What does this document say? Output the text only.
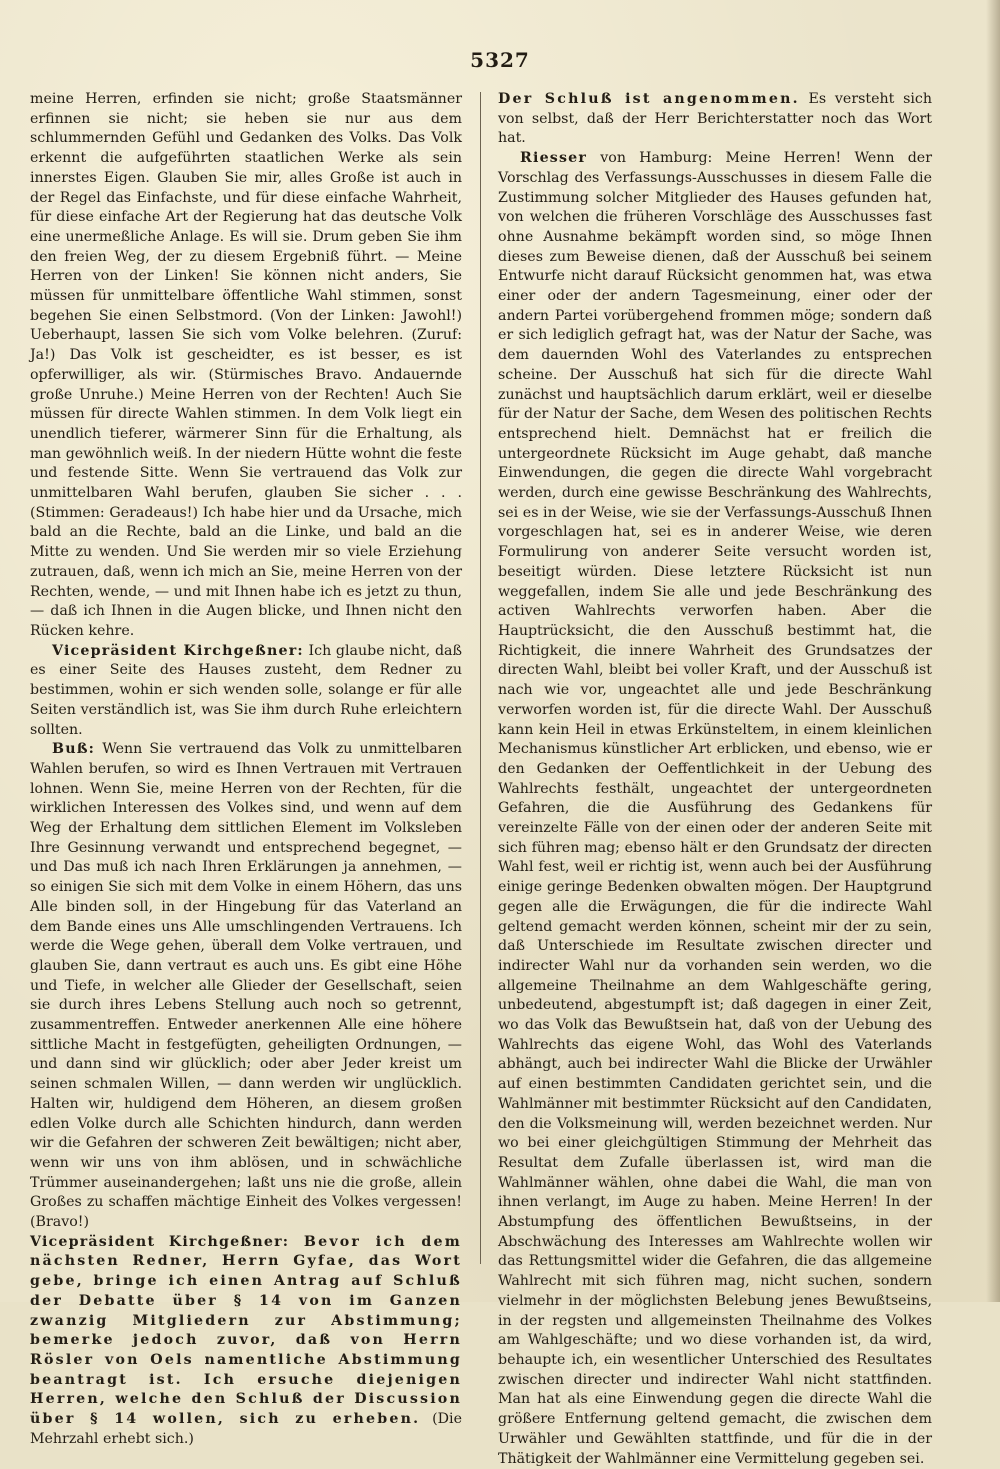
5327

meine Herren, erfinden sie nicht; große Staatsmänner erfinnen sie nicht; sie heben sie nur aus dem schlummernden Gefühl und Gedanken des Volks. Das Volk erkennt die aufgeführten staatlichen Werke als sein innerstes Eigen. Glauben Sie mir, alles Große ist auch in der Regel das Einfachste, und für diese einfache Wahrheit, für diese einfache Art der Regierung hat das deutsche Volk eine unermeßliche Anlage. Es will sie. Drum geben Sie ihm den freien Weg, der zu diesem Ergebniß führt. — Meine Herren von der Linken! Sie können nicht anders, Sie müssen für unmittelbare öffentliche Wahl stimmen, sonst begehen Sie einen Selbstmord. (Von der Linken: Jawohl!) Ueberhaupt, lassen Sie sich vom Volke belehren. (Zuruf: Ja!) Das Volk ist gescheidter, es ist besser, es ist opferwilliger, als wir. (Stürmisches Bravo. Andauernde große Unruhe.) Meine Herren von der Rechten! Auch Sie müssen für directe Wahlen stimmen. In dem Volk liegt ein unendlich tieferer, wärmerer Sinn für die Erhaltung, als man gewöhnlich weiß. In der niedern Hütte wohnt die feste und festende Sitte. Wenn Sie vertrauend das Volk zur unmittelbaren Wahl berufen, glauben Sie sicher . . . (Stimmen: Geradeaus!) Ich habe hier und da Ursache, mich bald an die Rechte, bald an die Linke, und bald an die Mitte zu wenden. Und Sie werden mir so viele Erziehung zutrauen, daß, wenn ich mich an Sie, meine Herren von der Rechten, wende, — und mit Ihnen habe ich es jetzt zu thun, — daß ich Ihnen in die Augen blicke, und Ihnen nicht den Rücken kehre.

Vicepräsident Kirchgeßner: Ich glaube nicht, daß es einer Seite des Hauses zusteht, dem Redner zu bestimmen, wohin er sich wenden solle, solange er für alle Seiten verständlich ist, was Sie ihm durch Ruhe erleichtern sollten.

Buß: Wenn Sie vertrauend das Volk zu unmittelbaren Wahlen berufen, so wird es Ihnen Vertrauen mit Vertrauen lohnen. Wenn Sie, meine Herren von der Rechten, für die wirklichen Interessen des Volkes sind, und wenn auf dem Weg der Erhaltung dem sittlichen Element im Volksleben Ihre Gesinnung verwandt und entsprechend begegnet, — und Das muß ich nach Ihren Erklärungen ja annehmen, — so einigen Sie sich mit dem Volke in einem Höhern, das uns Alle binden soll, in der Hingebung für das Vaterland an dem Bande eines uns Alle umschlingenden Vertrauens. Ich werde die Wege gehen, überall dem Volke vertrauen, und glauben Sie, dann vertraut es auch uns. Es gibt eine Höhe und Tiefe, in welcher alle Glieder der Gesellschaft, seien sie durch ihres Lebens Stellung auch noch so getrennt, zusammentreffen. Entweder anerkennen Alle eine höhere sittliche Macht in festgefügten, geheiligten Ordnungen, — und dann sind wir glücklich; oder aber Jeder kreist um seinen schmalen Willen, — dann werden wir unglücklich. Halten wir, huldigend dem Höheren, an diesem großen edlen Volke durch alle Schichten hindurch, dann werden wir die Gefahren der schweren Zeit bewältigen; nicht aber, wenn wir uns von ihm ablösen, und in schwächliche Trümmer auseinandergehen; laßt uns nie die große, allein Großes zu schaffen mächtige Einheit des Volkes vergessen! (Bravo!)

Vicepräsident Kirchgeßner: Bevor ich dem nächsten Redner, Herrn Gyfae, das Wort gebe, bringe ich einen Antrag auf Schluß der Debatte über § 14 von im Ganzen zwanzig Mitgliedern zur Abstimmung; bemerke jedoch zuvor, daß von Herrn Rösler von Oels namentliche Abstimmung beantragt ist. Ich ersuche diejenigen Herren, welche den Schluß der Discussion über § 14 wollen, sich zu erheben. (Die Mehrzahl erhebt sich.)

Der Schluß ist angenommen. Es versteht sich von selbst, daß der Herr Berichterstatter noch das Wort hat.

Riesser von Hamburg: Meine Herren! Wenn der Vorschlag des Verfassungs-Ausschusses in diesem Falle die Zustimmung solcher Mitglieder des Hauses gefunden hat, von welchen die früheren Vorschläge des Ausschusses fast ohne Ausnahme bekämpft worden sind, so möge Ihnen dieses zum Beweise dienen, daß der Ausschuß bei seinem Entwurfe nicht darauf Rücksicht genommen hat, was etwa einer oder der andern Tagesmeinung, einer oder der andern Partei vorübergehend frommen möge; sondern daß er sich lediglich gefragt hat, was der Natur der Sache, was dem dauernden Wohl des Vaterlandes zu entsprechen scheine. Der Ausschuß hat sich für die directe Wahl zunächst und hauptsächlich darum erklärt, weil er dieselbe für der Natur der Sache, dem Wesen des politischen Rechts entsprechend hielt. Demnächst hat er freilich die untergeordnete Rücksicht im Auge gehabt, daß manche Einwendungen, die gegen die directe Wahl vorgebracht werden, durch eine gewisse Beschränkung des Wahlrechts, sei es in der Weise, wie sie der Verfassungs-Ausschuß Ihnen vorgeschlagen hat, sei es in anderer Weise, wie deren Formulirung von anderer Seite versucht worden ist, beseitigt würden. Diese letztere Rücksicht ist nun weggefallen, indem Sie alle und jede Beschränkung des activen Wahlrechts verworfen haben. Aber die Hauptrücksicht, die den Ausschuß bestimmt hat, die Richtigkeit, die innere Wahrheit des Grundsatzes der directen Wahl, bleibt bei voller Kraft, und der Ausschuß ist nach wie vor, ungeachtet alle und jede Beschränkung verworfen worden ist, für die directe Wahl. Der Ausschuß kann kein Heil in etwas Erkünsteltem, in einem kleinlichen Mechanismus künstlicher Art erblicken, und ebenso, wie er den Gedanken der Oeffentlichkeit in der Uebung des Wahlrechts festhält, ungeachtet der untergeordneten Gefahren, die die Ausführung des Gedankens für vereinzelte Fälle von der einen oder der anderen Seite mit sich führen mag; ebenso hält er den Grundsatz der directen Wahl fest, weil er richtig ist, wenn auch bei der Ausführung einige geringe Bedenken obwalten mögen. Der Hauptgrund gegen alle die Erwägungen, die für die indirecte Wahl geltend gemacht werden können, scheint mir der zu sein, daß Unterschiede im Resultate zwischen directer und indirecter Wahl nur da vorhanden sein werden, wo die allgemeine Theilnahme an dem Wahlgeschäfte gering, unbedeutend, abgestumpft ist; daß dagegen in einer Zeit, wo das Volk das Bewußtsein hat, daß von der Uebung des Wahlrechts das eigene Wohl, das Wohl des Vaterlands abhängt, auch bei indirecter Wahl die Blicke der Urwähler auf einen bestimmten Candidaten gerichtet sein, und die Wahlmänner mit bestimmter Rücksicht auf den Candidaten, den die Volksmeinung will, werden bezeichnet werden. Nur wo bei einer gleichgültigen Stimmung der Mehrheit das Resultat dem Zufalle überlassen ist, wird man die Wahlmänner wählen, ohne dabei die Wahl, die man von ihnen verlangt, im Auge zu haben. Meine Herren! In der Abstumpfung des öffentlichen Bewußtseins, in der Abschwächung des Interesses am Wahlrechte wollen wir das Rettungsmittel wider die Gefahren, die das allgemeine Wahlrecht mit sich führen mag, nicht suchen, sondern vielmehr in der möglichsten Belebung jenes Bewußtseins, in der regsten und allgemeinsten Theilnahme des Volkes am Wahlgeschäfte; und wo diese vorhanden ist, da wird, behaupte ich, ein wesentlicher Unterschied des Resultates zwischen directer und indirecter Wahl nicht stattfinden. Man hat als eine Einwendung gegen die directe Wahl die größere Entfernung geltend gemacht, die zwischen dem Urwähler und Gewählten stattfinde, und für die in der Thätigkeit der Wahlmänner eine Vermittelung gegeben sei.
